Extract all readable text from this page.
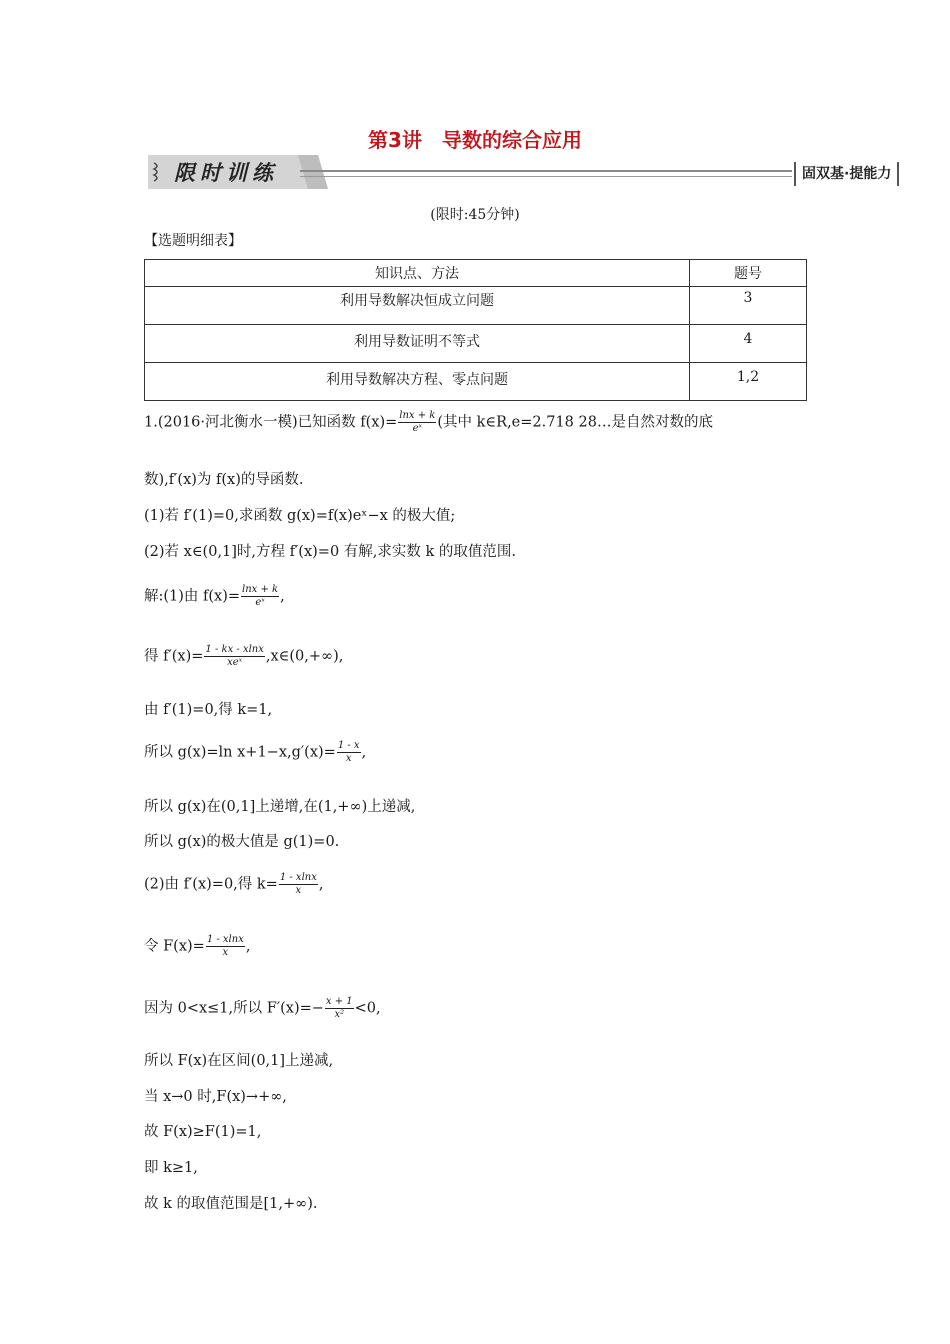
第3讲　导数的综合应用
限时训练	固双基·提能力
(限时:45分钟)
【选题明细表】
知识点、方法	题号
利用导数解决恒成立问题	3
利用导数证明不等式	4
利用导数解决方程、零点问题	1,2
1.(2016·河北衡水一模)已知函数 $f(x)= \frac{\ln x + k}{\text{eˣ}}$ (其中 k∈R,e=2.718 28…是自然对数的底
数),f′(x)为 f(x)的导函数.
(1)若 f′(1)=0,求函数 g(x)=f(x)eˣ−x 的极大值;
(2)若 x∈(0,1]时,方程 f′(x)=0 有解,求实数 k 的取值范围.
解:(1)由 $f(x)= \frac{\ln x + k}{\text{eˣ}}$ ,
得 $f'(x)= \frac{1 - kx - xlnx}{\text{xeˣ}}$ ,x∈(0,+∞),
由 f′(1)=0,得 k=1,
所以 g(x)=ln $x+1-x,g'(x)= \frac{1 - x}{x}$ ,
所以 g(x)在(0,1]上递增,在(1,+∞)上递减,
所以 g(x)的极大值是 g(1)=0.
(2)由 f′(x)=0,得 $k= \frac{1 - xlnx}{x}$ ,
令 $F(x)= \frac{1 - xlnx}{x}$ ,
因为 0<x≤1,所以 $F'(x)=- \frac{x + 1}{\text{x²}} <0$,
所以 F(x)在区间(0,1]上递减,
当 x→0 时,F(x)→+∞,
故 F(x)≥F(1)=1,
即 k≥1,
故 k 的取值范围是[1,+∞).
